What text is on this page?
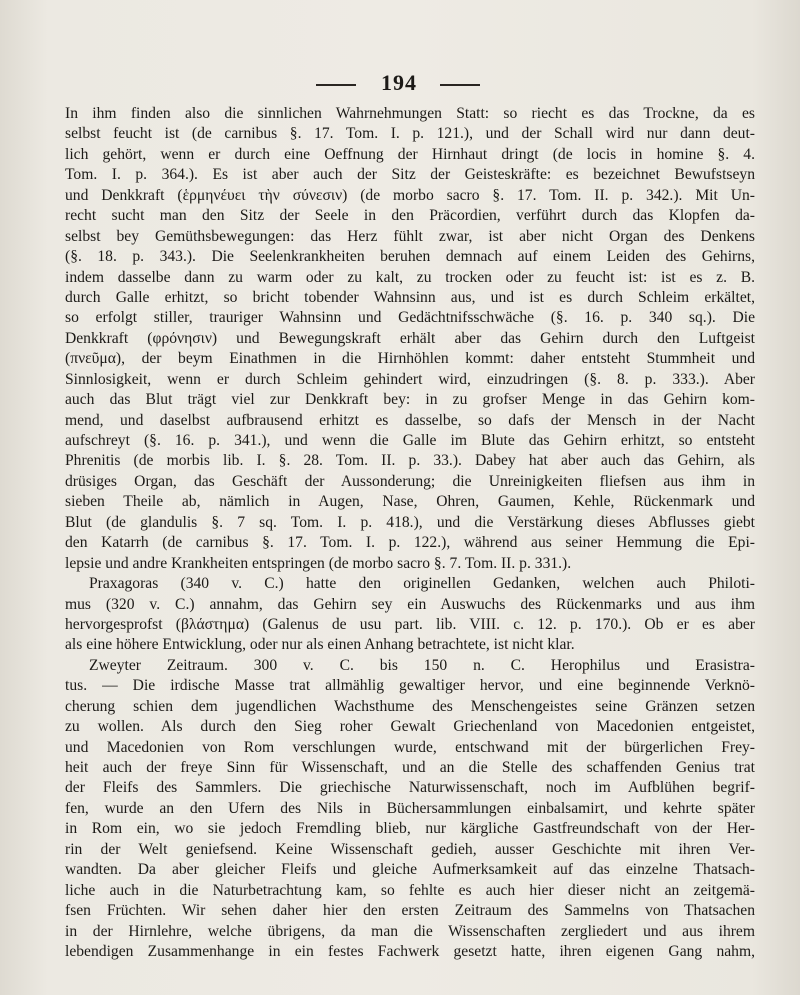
194
In ihm finden also die sinnlichen Wahrnehmungen Statt: so riecht es das Trockne, da es
selbst feucht ist (de carnibus §. 17. Tom. I. p. 121.), und der Schall wird nur dann deut-
lich gehört, wenn er durch eine Oeffnung der Hirnhaut dringt (de locis in homine §. 4.
Tom. I. p. 364.). Es ist aber auch der Sitz der Geisteskräfte: es bezeichnet Bewufstseyn
und Denkkraft (ἑρμηνέυει τὴν σύνεσιν) (de morbo sacro §. 17. Tom. II. p. 342.). Mit Un-
recht sucht man den Sitz der Seele in den Präcordien, verführt durch das Klopfen da-
selbst bey Gemüthsbewegungen: das Herz fühlt zwar, ist aber nicht Organ des Denkens
(§. 18. p. 343.). Die Seelenkrankheiten beruhen demnach auf einem Leiden des Gehirns,
indem dasselbe dann zu warm oder zu kalt, zu trocken oder zu feucht ist: ist es z. B.
durch Galle erhitzt, so bricht tobender Wahnsinn aus, und ist es durch Schleim erkältet,
so erfolgt stiller, trauriger Wahnsinn und Gedächtnifsschwäche (§. 16. p. 340 sq.). Die
Denkkraft (φρόνησιν) und Bewegungskraft erhält aber das Gehirn durch den Luftgeist
(πνεῦμα), der beym Einathmen in die Hirnhöhlen kommt: daher entsteht Stummheit und
Sinnlosigkeit, wenn er durch Schleim gehindert wird, einzudringen (§. 8. p. 333.). Aber
auch das Blut trägt viel zur Denkkraft bey: in zu grofser Menge in das Gehirn kom-
mend, und daselbst aufbrausend erhitzt es dasselbe, so dafs der Mensch in der Nacht
aufschreyt (§. 16. p. 341.), und wenn die Galle im Blute das Gehirn erhitzt, so entsteht
Phrenitis (de morbis lib. I. §. 28. Tom. II. p. 33.). Dabey hat aber auch das Gehirn, als
drüsiges Organ, das Geschäft der Aussonderung; die Unreinigkeiten fliefsen aus ihm in
sieben Theile ab, nämlich in Augen, Nase, Ohren, Gaumen, Kehle, Rückenmark und
Blut (de glandulis §. 7 sq. Tom. I. p. 418.), und die Verstärkung dieses Abflusses giebt
den Katarrh (de carnibus §. 17. Tom. I. p. 122.), während aus seiner Hemmung die Epi-
lepsie und andre Krankheiten entspringen (de morbo sacro §. 7. Tom. II. p. 331.).
Praxagoras (340 v. C.) hatte den originellen Gedanken, welchen auch Philoti-
mus (320 v. C.) annahm, das Gehirn sey ein Auswuchs des Rückenmarks und aus ihm
hervorgesprofst (βλάστημα) (Galenus de usu part. lib. VIII. c. 12. p. 170.). Ob er es aber
als eine höhere Entwicklung, oder nur als einen Anhang betrachtete, ist nicht klar.
Zweyter Zeitraum. 300 v. C. bis 150 n. C. Herophilus und Erasistra-
tus. — Die irdische Masse trat allmählig gewaltiger hervor, und eine beginnende Verknö-
cherung schien dem jugendlichen Wachsthume des Menschengeistes seine Gränzen setzen
zu wollen. Als durch den Sieg roher Gewalt Griechenland von Macedonien entgeistet,
und Macedonien von Rom verschlungen wurde, entschwand mit der bürgerlichen Frey-
heit auch der freye Sinn für Wissenschaft, und an die Stelle des schaffenden Genius trat
der Fleifs des Sammlers. Die griechische Naturwissenschaft, noch im Aufblühen begrif-
fen, wurde an den Ufern des Nils in Büchersammlungen einbalsamirt, und kehrte später
in Rom ein, wo sie jedoch Fremdling blieb, nur kärgliche Gastfreundschaft von der Her-
rin der Welt geniefsend. Keine Wissenschaft gedieh, ausser Geschichte mit ihren Ver-
wandten. Da aber gleicher Fleifs und gleiche Aufmerksamkeit auf das einzelne Thatsach-
liche auch in die Naturbetrachtung kam, so fehlte es auch hier dieser nicht an zeitgemä-
fsen Früchten. Wir sehen daher hier den ersten Zeitraum des Sammelns von Thatsachen
in der Hirnlehre, welche übrigens, da man die Wissenschaften zergliedert und aus ihrem
lebendigen Zusammenhange in ein festes Fachwerk gesetzt hatte, ihren eigenen Gang nahm,
